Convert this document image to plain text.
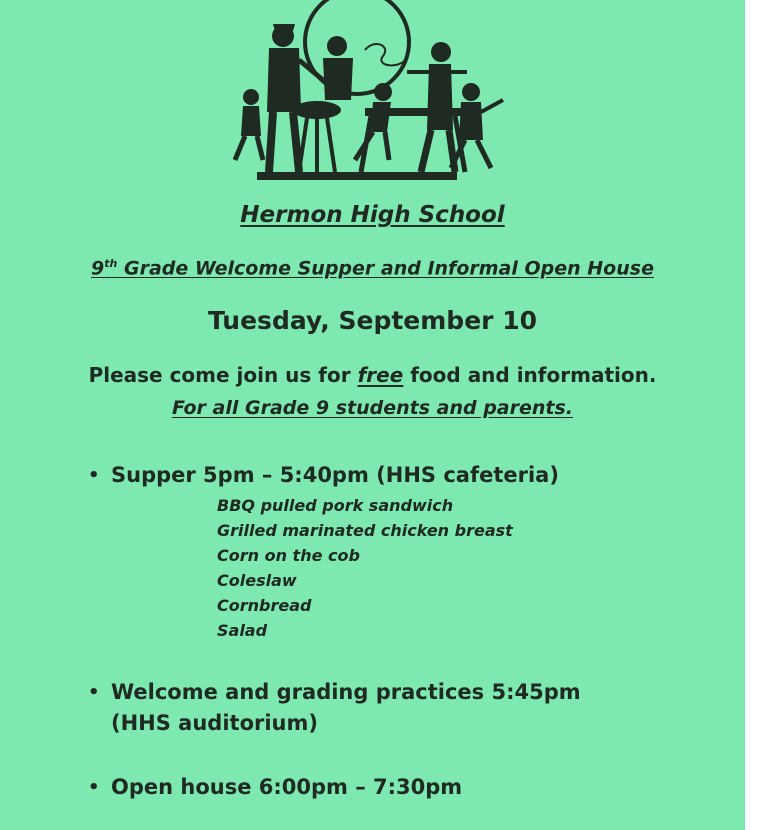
Hermon High School
9th Grade Welcome Supper and Informal Open House
Tuesday, September 10
Please come join us for free food and information.
For all Grade 9 students and parents.
• Supper 5pm – 5:40pm (HHS cafeteria)
BBQ pulled pork sandwich
Grilled marinated chicken breast
Corn on the cob
Coleslaw
Cornbread
Salad
• Welcome and grading practices 5:45pm (HHS auditorium)
• Open house 6:00pm – 7:30pm
